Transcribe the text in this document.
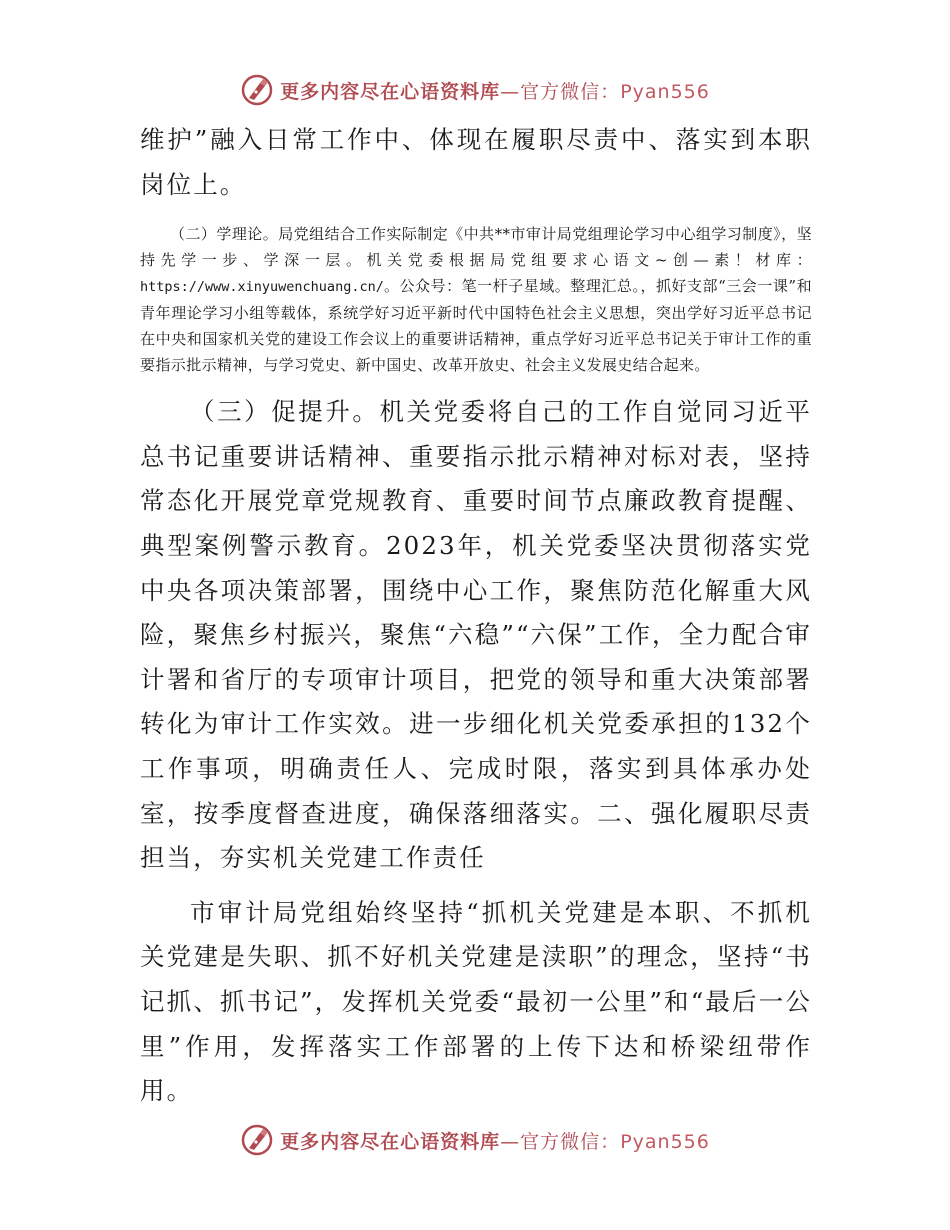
更多内容尽在心语资料库—官方微信：Pyan556

维护”融入日常工作中、体现在履职尽责中、落实到本职岗位上。

（二）学理论。局党组结合工作实际制定《中共**市审计局党组理论学习中心组学习制度》，坚持先学一步、学深一层。机关党委根据局党组要求心语文~创—素！材库：https://www.xinyuwenchuang.cn/。公众号：笔一杆子星域。整理汇总。，抓好支部“三会一课”和青年理论学习小组等载体，系统学好习近平新时代中国特色社会主义思想，突出学好习近平总书记在中央和国家机关党的建设工作会议上的重要讲话精神，重点学好习近平总书记关于审计工作的重要指示批示精神，与学习党史、新中国史、改革开放史、社会主义发展史结合起来。

（三）促提升。机关党委将自己的工作自觉同习近平总书记重要讲话精神、重要指示批示精神对标对表，坚持常态化开展党章党规教育、重要时间节点廉政教育提醒、典型案例警示教育。2023年，机关党委坚决贯彻落实党中央各项决策部署，围绕中心工作，聚焦防范化解重大风险，聚焦乡村振兴，聚焦“六稳”“六保”工作，全力配合审计署和省厅的专项审计项目，把党的领导和重大决策部署转化为审计工作实效。进一步细化机关党委承担的132个工作事项，明确责任人、完成时限，落实到具体承办处室，按季度督查进度，确保落细落实。二、强化履职尽责担当，夯实机关党建工作责任

市审计局党组始终坚持“抓机关党建是本职、不抓机关党建是失职、抓不好机关党建是渎职”的理念，坚持“书记抓、抓书记”，发挥机关党委“最初一公里”和“最后一公里”作用，发挥落实工作部署的上传下达和桥梁纽带作用。

更多内容尽在心语资料库—官方微信：Pyan556
